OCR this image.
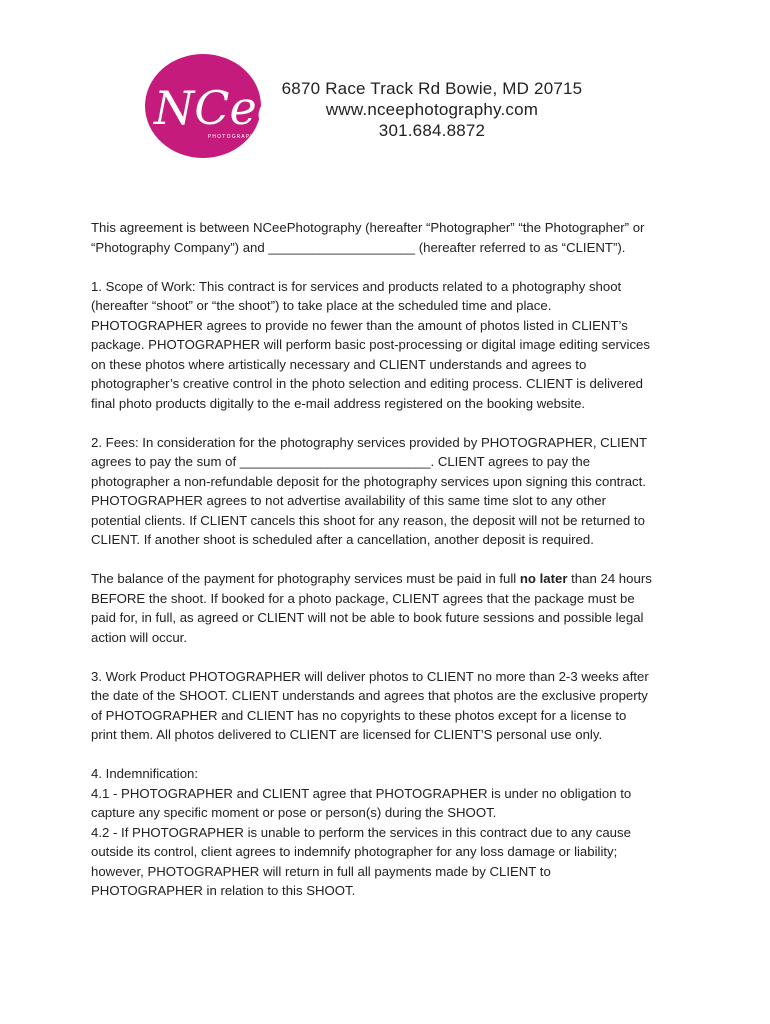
NCee
PHOTOGRAPHY
6870 Race Track Rd Bowie, MD 20715
www.nceephotography.com
301.684.8872

This agreement is between NCeePhotography (hereafter “Photographer” “the Photographer” or
“Photography Company”) and ____________________ (hereafter referred to as “CLIENT”).

1. Scope of Work: This contract is for services and products related to a photography shoot
(hereafter “shoot” or “the shoot”) to take place at the scheduled time and place.
PHOTOGRAPHER agrees to provide no fewer than the amount of photos listed in CLIENT’s
package. PHOTOGRAPHER will perform basic post-processing or digital image editing services
on these photos where artistically necessary and CLIENT understands and agrees to
photographer’s creative control in the photo selection and editing process. CLIENT is delivered
final photo products digitally to the e-mail address registered on the booking website.

2. Fees: In consideration for the photography services provided by PHOTOGRAPHER, CLIENT
agrees to pay the sum of __________________________. CLIENT agrees to pay the
photographer a non-refundable deposit for the photography services upon signing this contract.
PHOTOGRAPHER agrees to not advertise availability of this same time slot to any other
potential clients. If CLIENT cancels this shoot for any reason, the deposit will not be returned to
CLIENT. If another shoot is scheduled after a cancellation, another deposit is required.

The balance of the payment for photography services must be paid in full no later than 24 hours
BEFORE the shoot. If booked for a photo package, CLIENT agrees that the package must be
paid for, in full, as agreed or CLIENT will not be able to book future sessions and possible legal
action will occur.

3. Work Product PHOTOGRAPHER will deliver photos to CLIENT no more than 2-3 weeks after
the date of the SHOOT. CLIENT understands and agrees that photos are the exclusive property
of PHOTOGRAPHER and CLIENT has no copyrights to these photos except for a license to
print them. All photos delivered to CLIENT are licensed for CLIENT’S personal use only.

4. Indemnification:
4.1 - PHOTOGRAPHER and CLIENT agree that PHOTOGRAPHER is under no obligation to
capture any specific moment or pose or person(s) during the SHOOT.
4.2 - If PHOTOGRAPHER is unable to perform the services in this contract due to any cause
outside its control, client agrees to indemnify photographer for any loss damage or liability;
however, PHOTOGRAPHER will return in full all payments made by CLIENT to
PHOTOGRAPHER in relation to this SHOOT.
